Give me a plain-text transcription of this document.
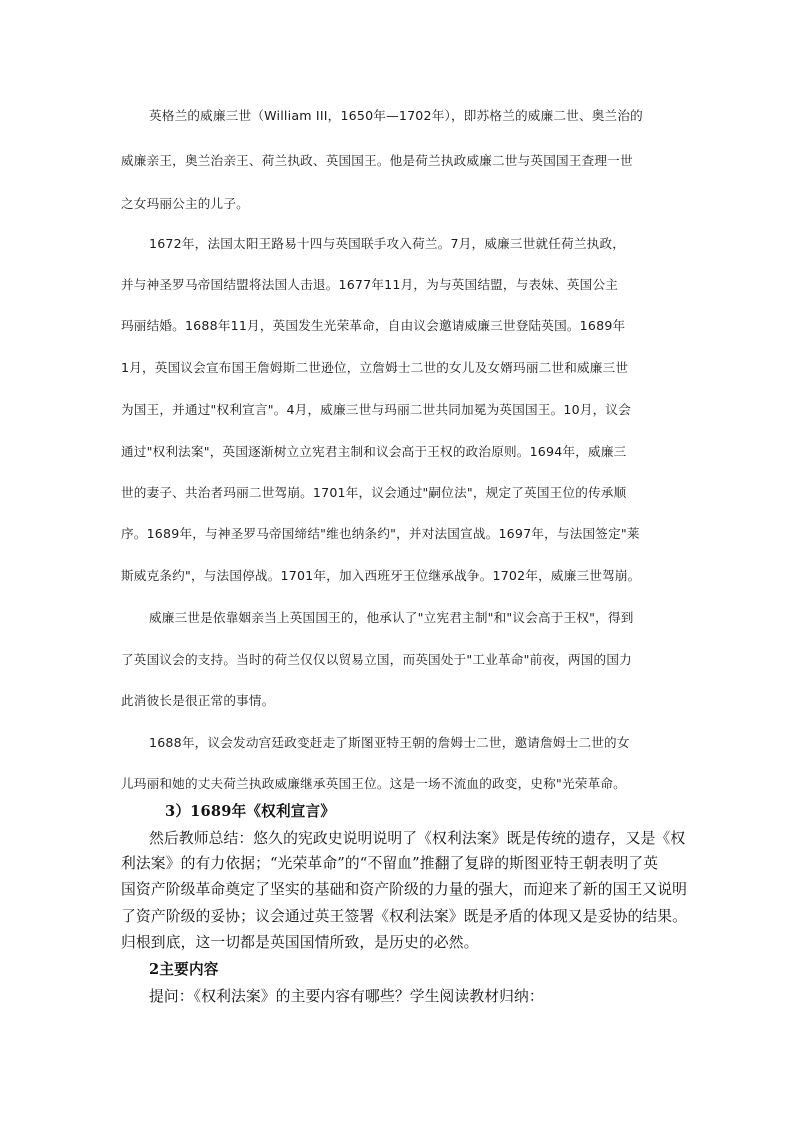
英格兰的威廉三世（William III，1650年—1702年），即苏格兰的威廉二世、奥兰治的
威廉亲王，奥兰治亲王、荷兰执政、英国国王。他是荷兰执政威廉二世与英国国王查理一世
之女玛丽公主的儿子。
1672年，法国太阳王路易十四与英国联手攻入荷兰。7月，威廉三世就任荷兰执政，
并与神圣罗马帝国结盟将法国人击退。1677年11月，为与英国结盟，与表妹、英国公主
玛丽结婚。1688年11月，英国发生光荣革命，自由议会邀请威廉三世登陆英国。1689年
1月，英国议会宣布国王詹姆斯二世逊位，立詹姆士二世的女儿及女婿玛丽二世和威廉三世
为国王，并通过"权利宣言"。4月，威廉三世与玛丽二世共同加冕为英国国王。10月，议会
通过"权利法案"，英国逐渐树立立宪君主制和议会高于王权的政治原则。1694年，威廉三
世的妻子、共治者玛丽二世驾崩。1701年，议会通过"嗣位法"，规定了英国王位的传承顺
序。1689年，与神圣罗马帝国缔结"维也纳条约"，并对法国宣战。1697年，与法国签定"莱
斯威克条约"，与法国停战。1701年，加入西班牙王位继承战争。1702年，威廉三世驾崩。
威廉三世是依靠姻亲当上英国国王的，他承认了"立宪君主制"和"议会高于王权"，得到
了英国议会的支持。当时的荷兰仅仅以贸易立国，而英国处于"工业革命"前夜，两国的国力
此消彼长是很正常的事情。
1688年，议会发动宫廷政变赶走了斯图亚特王朝的詹姆士二世，邀请詹姆士二世的女
儿玛丽和她的丈夫荷兰执政威廉继承英国王位。这是一场不流血的政变，史称"光荣革命。
3）1689年《权利宣言》
然后教师总结：悠久的宪政史说明说明了《权利法案》既是传统的遗存，又是《权
利法案》的有力依据；“光荣革命”的“不留血”推翻了复辟的斯图亚特王朝表明了英
国资产阶级革命奠定了坚实的基础和资产阶级的力量的强大，而迎来了新的国王又说明
了资产阶级的妥协；议会通过英王签署《权利法案》既是矛盾的体现又是妥协的结果。
归根到底，这一切都是英国国情所致，是历史的必然。
2主要内容
提问：《权利法案》的主要内容有哪些？学生阅读教材归纳：
